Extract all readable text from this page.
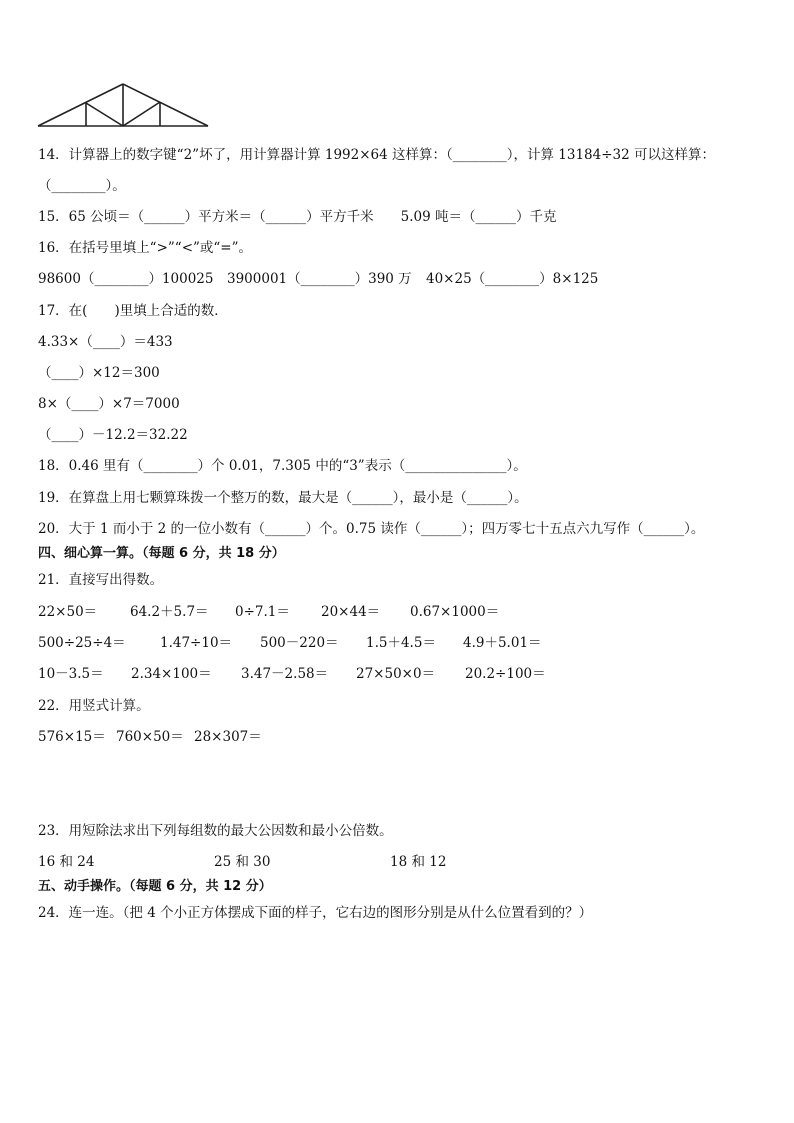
14．计算器上的数字键“2”坏了，用计算器计算 1992×64 这样算：（________），计算 13184÷32 可以这样算：
（________）。
15．65 公顷＝（______）平方米＝（______）平方千米　　5.09 吨＝（______）千克
16．在括号里填上“>”“<”或“=”。
98600（________）100025 3900001（________）390 万 40×25（________）8×125
17．在(　　)里填上合适的数．
4.33×（____）＝433
（____）×12＝300
8×（____）×7＝7000
（____）－12.2＝32.22
18．0.46 里有（________）个 0.01，7.305 中的“3”表示（_______________）。
19．在算盘上用七颗算珠拨一个整万的数，最大是（______），最小是（______）。
20．大于 1 而小于 2 的一位小数有（______）个。0.75 读作（______）；四万零七十五点六九写作（______）。
四、细心算一算。（每题 6 分，共 18 分）
21．直接写出得数。
22×50＝ 64.2＋5.7＝ 0÷7.1＝ 20×44＝ 0.67×1000＝
500÷25÷4＝	1.47÷10＝ 500－220＝ 1.5＋4.5＝ 4.9＋5.01＝
10－3.5＝ 2.34×100＝ 3.47－2.58＝ 27×50×0＝ 20.2÷100＝
22．用竖式计算。
576×15＝ 760×50＝ 28×307＝
23．用短除法求出下列每组数的最大公因数和最小公倍数。
16 和 24	25 和 30	18 和 12
五、动手操作。（每题 6 分，共 12 分）
24．连一连。（把 4 个小正方体摆成下面的样子，它右边的图形分别是从什么位置看到的？）
